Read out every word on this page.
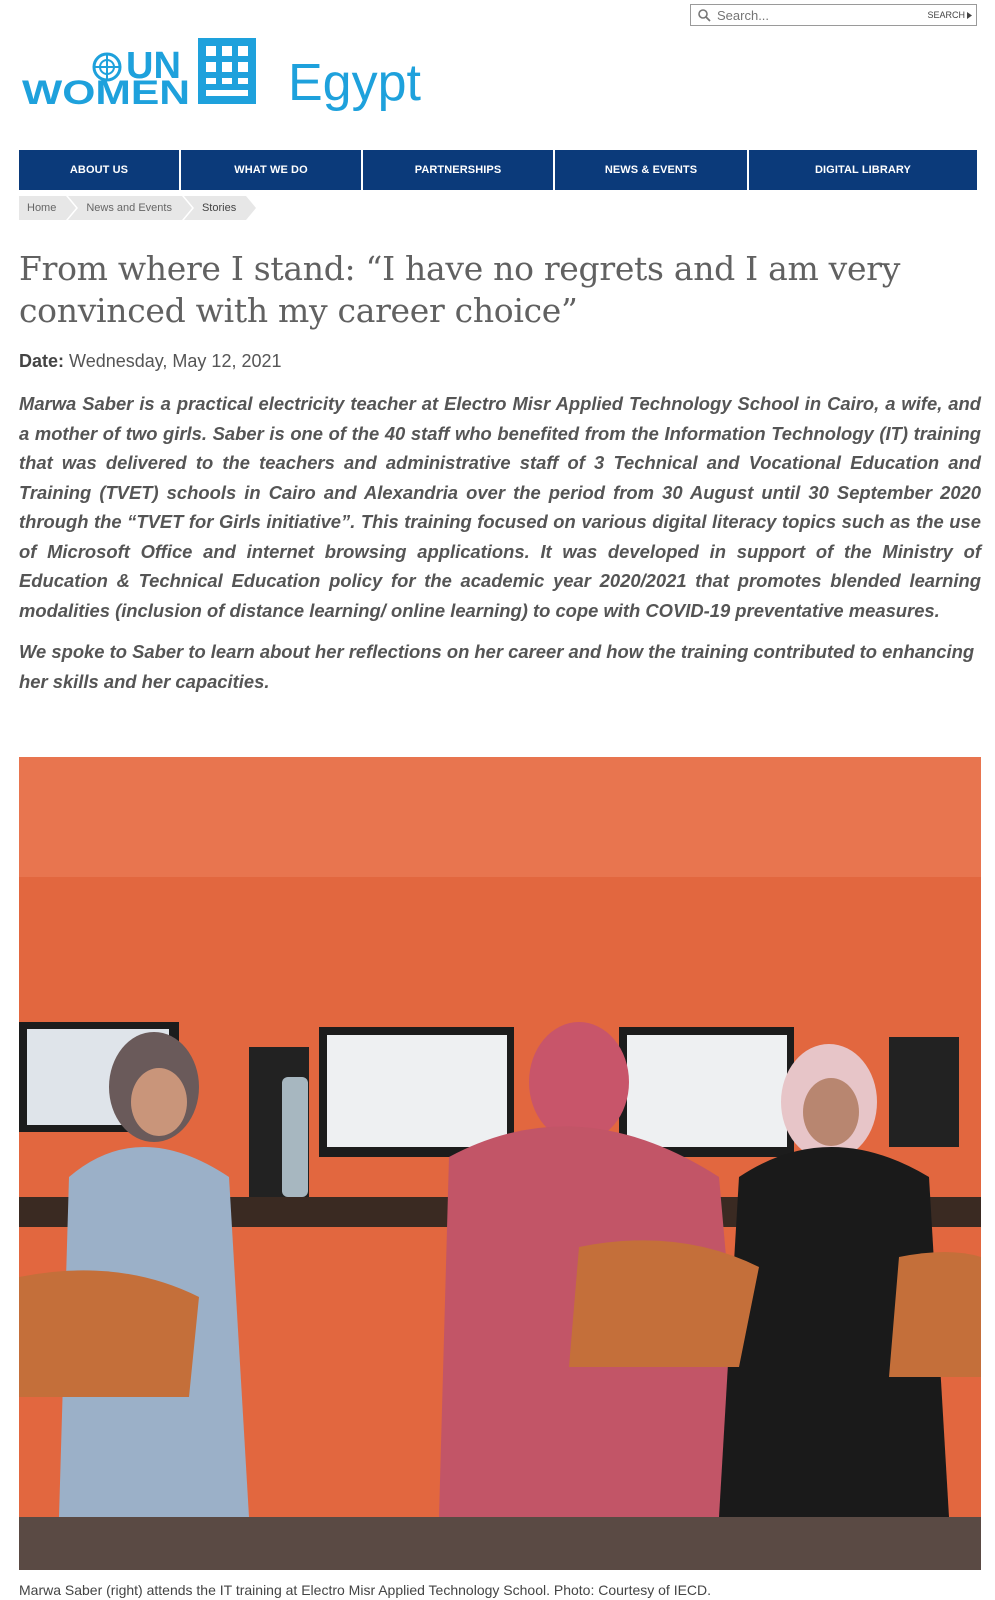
Search...
SEARCH
UN
WOMEN Egypt
ABOUT US	WHAT WE DO	PARTNERSHIPS	NEWS & EVENTS	DIGITAL LIBRARY
Home	News and Events	Stories
From where I stand: “I have no regrets and I am very convinced with my career choice”
Date: Wednesday, May 12, 2021

Marwa Saber is a practical electricity teacher at Electro Misr Applied Technology School in Cairo, a wife, and a mother of two girls. Saber is one of the 40 staff who benefited from the Information Technology (IT) training that was delivered to the teachers and administrative staff of 3 Technical and Vocational Education and Training (TVET) schools in Cairo and Alexandria over the period from 30 August until 30 September 2020 through the “TVET for Girls initiative”. This training focused on various digital literacy topics such as the use of Microsoft Office and internet browsing applications. It was developed in support of the Ministry of Education & Technical Education policy for the academic year 2020/2021 that promotes blended learning modalities (inclusion of distance learning/ online learning) to cope with COVID-19 preventative measures.

We spoke to Saber to learn about her reflections on her career and how the training contributed to enhancing her skills and her capacities.

Marwa Saber (right) attends the IT training at Electro Misr Applied Technology School. Photo: Courtesy of IECD.
